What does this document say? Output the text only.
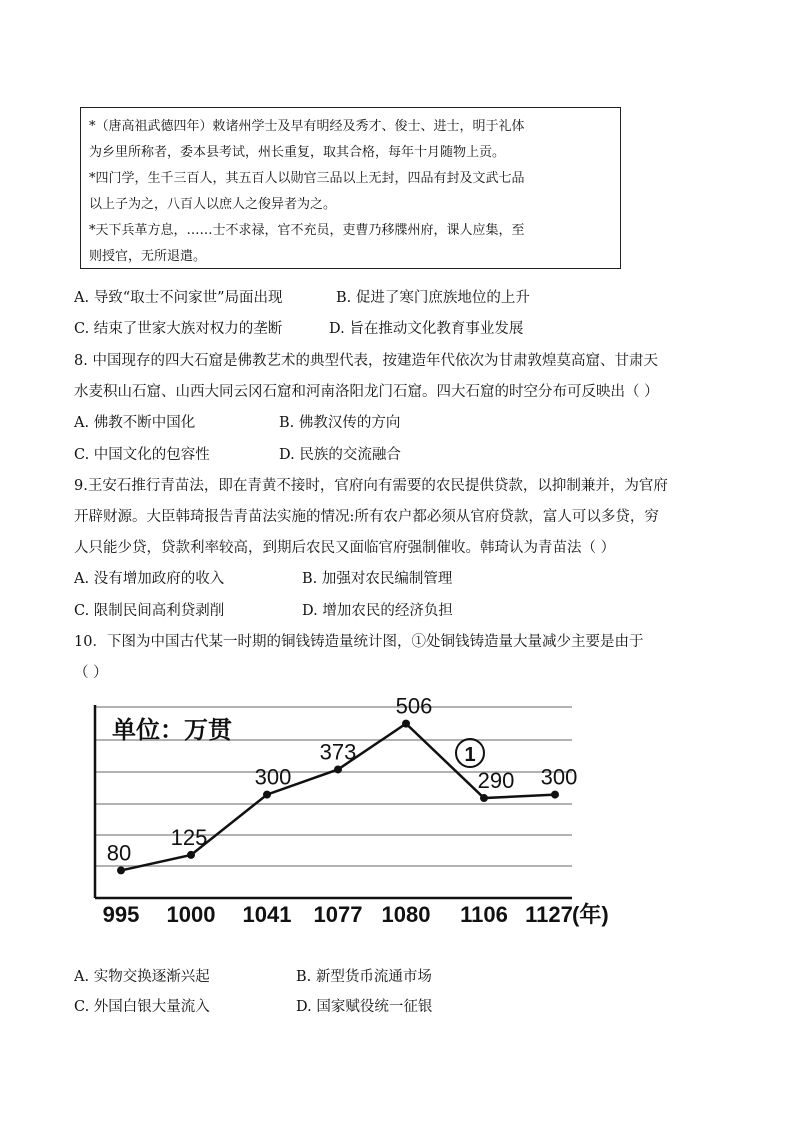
*（唐高祖武德四年）敕诸州学士及早有明经及秀才、俊士、进士，明于礼体

为乡里所称者，委本县考试，州长重复，取其合格，每年十月随物上贡。

*四门学，生千三百人，其五百人以勋官三品以上无封，四品有封及文武七品

以上子为之，八百人以庶人之俊异者为之。

*天下兵革方息，……士不求禄，官不充员，吏曹乃移牒州府，课人应集，至

则授官，无所退遣。

A. 导致“取士不问家世”局面出现	B. 促进了寒门庶族地位的上升
C. 结束了世家大族对权力的垄断	D. 旨在推动文化教育事业发展
8. 中国现存的四大石窟是佛教艺术的典型代表，按建造年代依次为甘肃敦煌莫高窟、甘肃天
水麦积山石窟、山西大同云冈石窟和河南洛阳龙门石窟。四大石窟的时空分布可反映出（ ）
A. 佛教不断中国化	B. 佛教汉传的方向
C. 中国文化的包容性	D. 民族的交流融合
9.王安石推行青苗法，即在青黄不接时，官府向有需要的农民提供贷款，以抑制兼并，为官府
开辟财源。大臣韩琦报告青苗法实施的情况:所有农户都必须从官府贷款，富人可以多贷，穷
人只能少贷，贷款利率较高，到期后农民又面临官府强制催收。韩琦认为青苗法（ ）
A. 没有增加政府的收入	B. 加强对农民编制管理
C. 限制民间高利贷剥削	D. 增加农民的经济负担
10．下图为中国古代某一时期的铜钱铸造量统计图，①处铜钱铸造量大量减少主要是由于
（ ）
单位：万贯
80
125
300
373
506
290 300
995 1000 1041 1077 1080 1106 1127 (年)
1
A. 实物交换逐渐兴起	B. 新型货币流通市场
C. 外国白银大量流入	D. 国家赋役统一征银
